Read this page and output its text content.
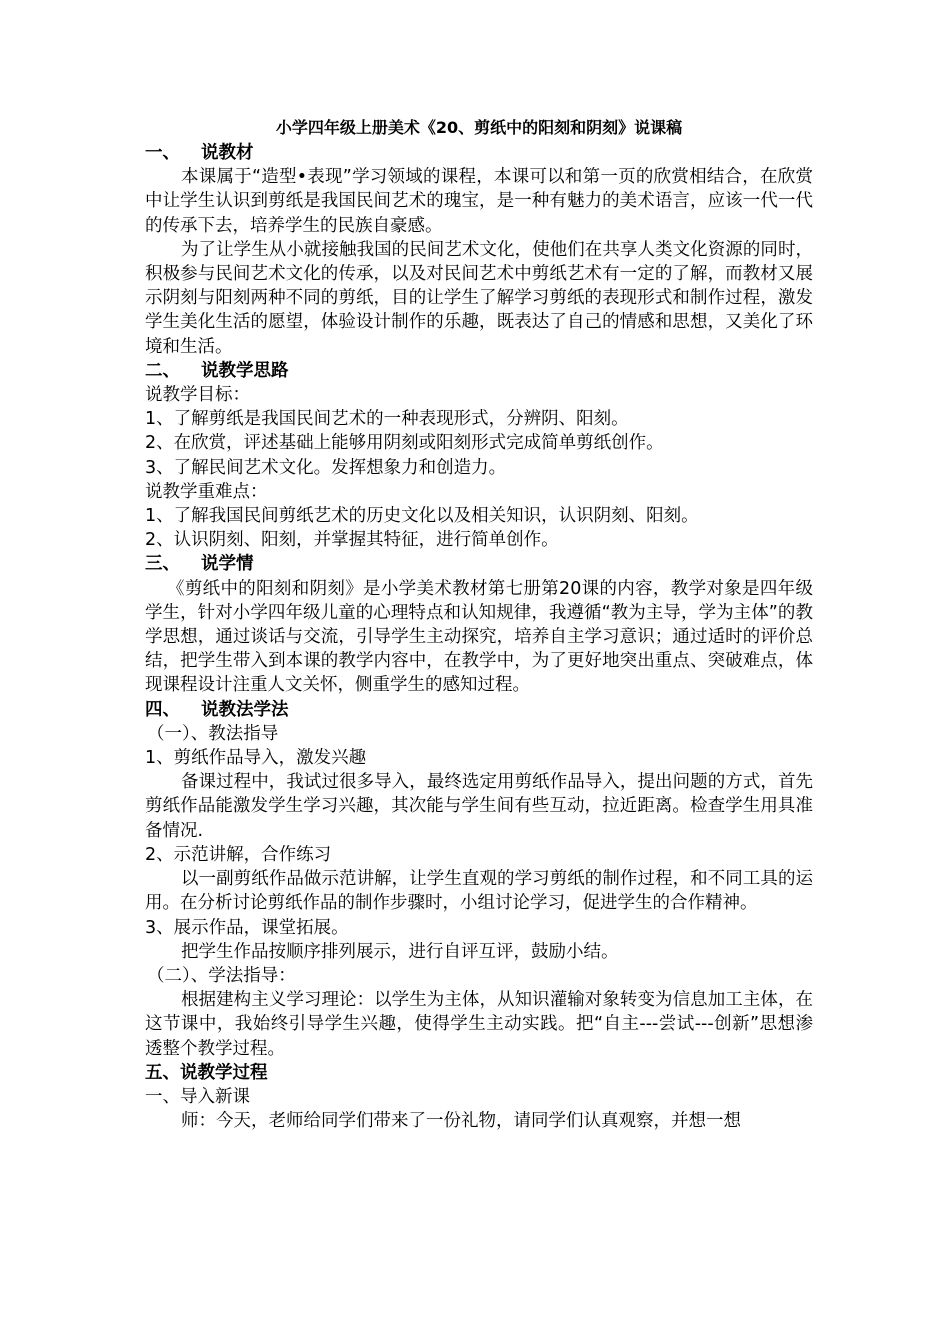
小学四年级上册美术《20、剪纸中的阳刻和阴刻》说课稿
一、 说教材

本课属于“造型•表现”学习领域的课程，本课可以和第一页的欣赏相结合，在欣赏中让学生认识到剪纸是我国民间艺术的瑰宝，是一种有魅力的美术语言，应该一代一代的传承下去，培养学生的民族自豪感。

为了让学生从小就接触我国的民间艺术文化，使他们在共享人类文化资源的同时，积极参与民间艺术文化的传承，以及对民间艺术中剪纸艺术有一定的了解，而教材又展示阴刻与阳刻两种不同的剪纸，目的让学生了解学习剪纸的表现形式和制作过程，激发学生美化生活的愿望，体验设计制作的乐趣，既表达了自己的情感和思想，又美化了环境和生活。

二、 说教学思路

说教学目标：

1、了解剪纸是我国民间艺术的一种表现形式，分辨阴、阳刻。

2、在欣赏，评述基础上能够用阴刻或阳刻形式完成简单剪纸创作。

3、了解民间艺术文化。发挥想象力和创造力。

说教学重难点：

1、了解我国民间剪纸艺术的历史文化以及相关知识，认识阴刻、阳刻。

2、认识阴刻、阳刻，并掌握其特征，进行简单创作。

三、 说学情

《剪纸中的阳刻和阴刻》是小学美术教材第七册第20课的内容，教学对象是四年级学生，针对小学四年级儿童的心理特点和认知规律，我遵循“教为主导，学为主体”的教学思想，通过谈话与交流，引导学生主动探究，培养自主学习意识；通过适时的评价总结，把学生带入到本课的教学内容中，在教学中，为了更好地突出重点、突破难点，体现课程设计注重人文关怀，侧重学生的感知过程。

四、 说教法学法

（一）、教法指导

1、剪纸作品导入，激发兴趣

备课过程中，我试过很多导入，最终选定用剪纸作品导入，提出问题的方式，首先剪纸作品能激发学生学习兴趣，其次能与学生间有些互动，拉近距离。检查学生用具准备情况.

2、示范讲解，合作练习

以一副剪纸作品做示范讲解，让学生直观的学习剪纸的制作过程，和不同工具的运用。在分析讨论剪纸作品的制作步骤时，小组讨论学习，促进学生的合作精神。

3、展示作品，课堂拓展。

把学生作品按顺序排列展示，进行自评互评，鼓励小结。

（二）、学法指导：

根据建构主义学习理论：以学生为主体，从知识灌输对象转变为信息加工主体，在这节课中，我始终引导学生兴趣，使得学生主动实践。把“自主---尝试---创新”思想渗透整个教学过程。

五、说教学过程

一、导入新课

师：今天，老师给同学们带来了一份礼物，请同学们认真观察，并想一想
